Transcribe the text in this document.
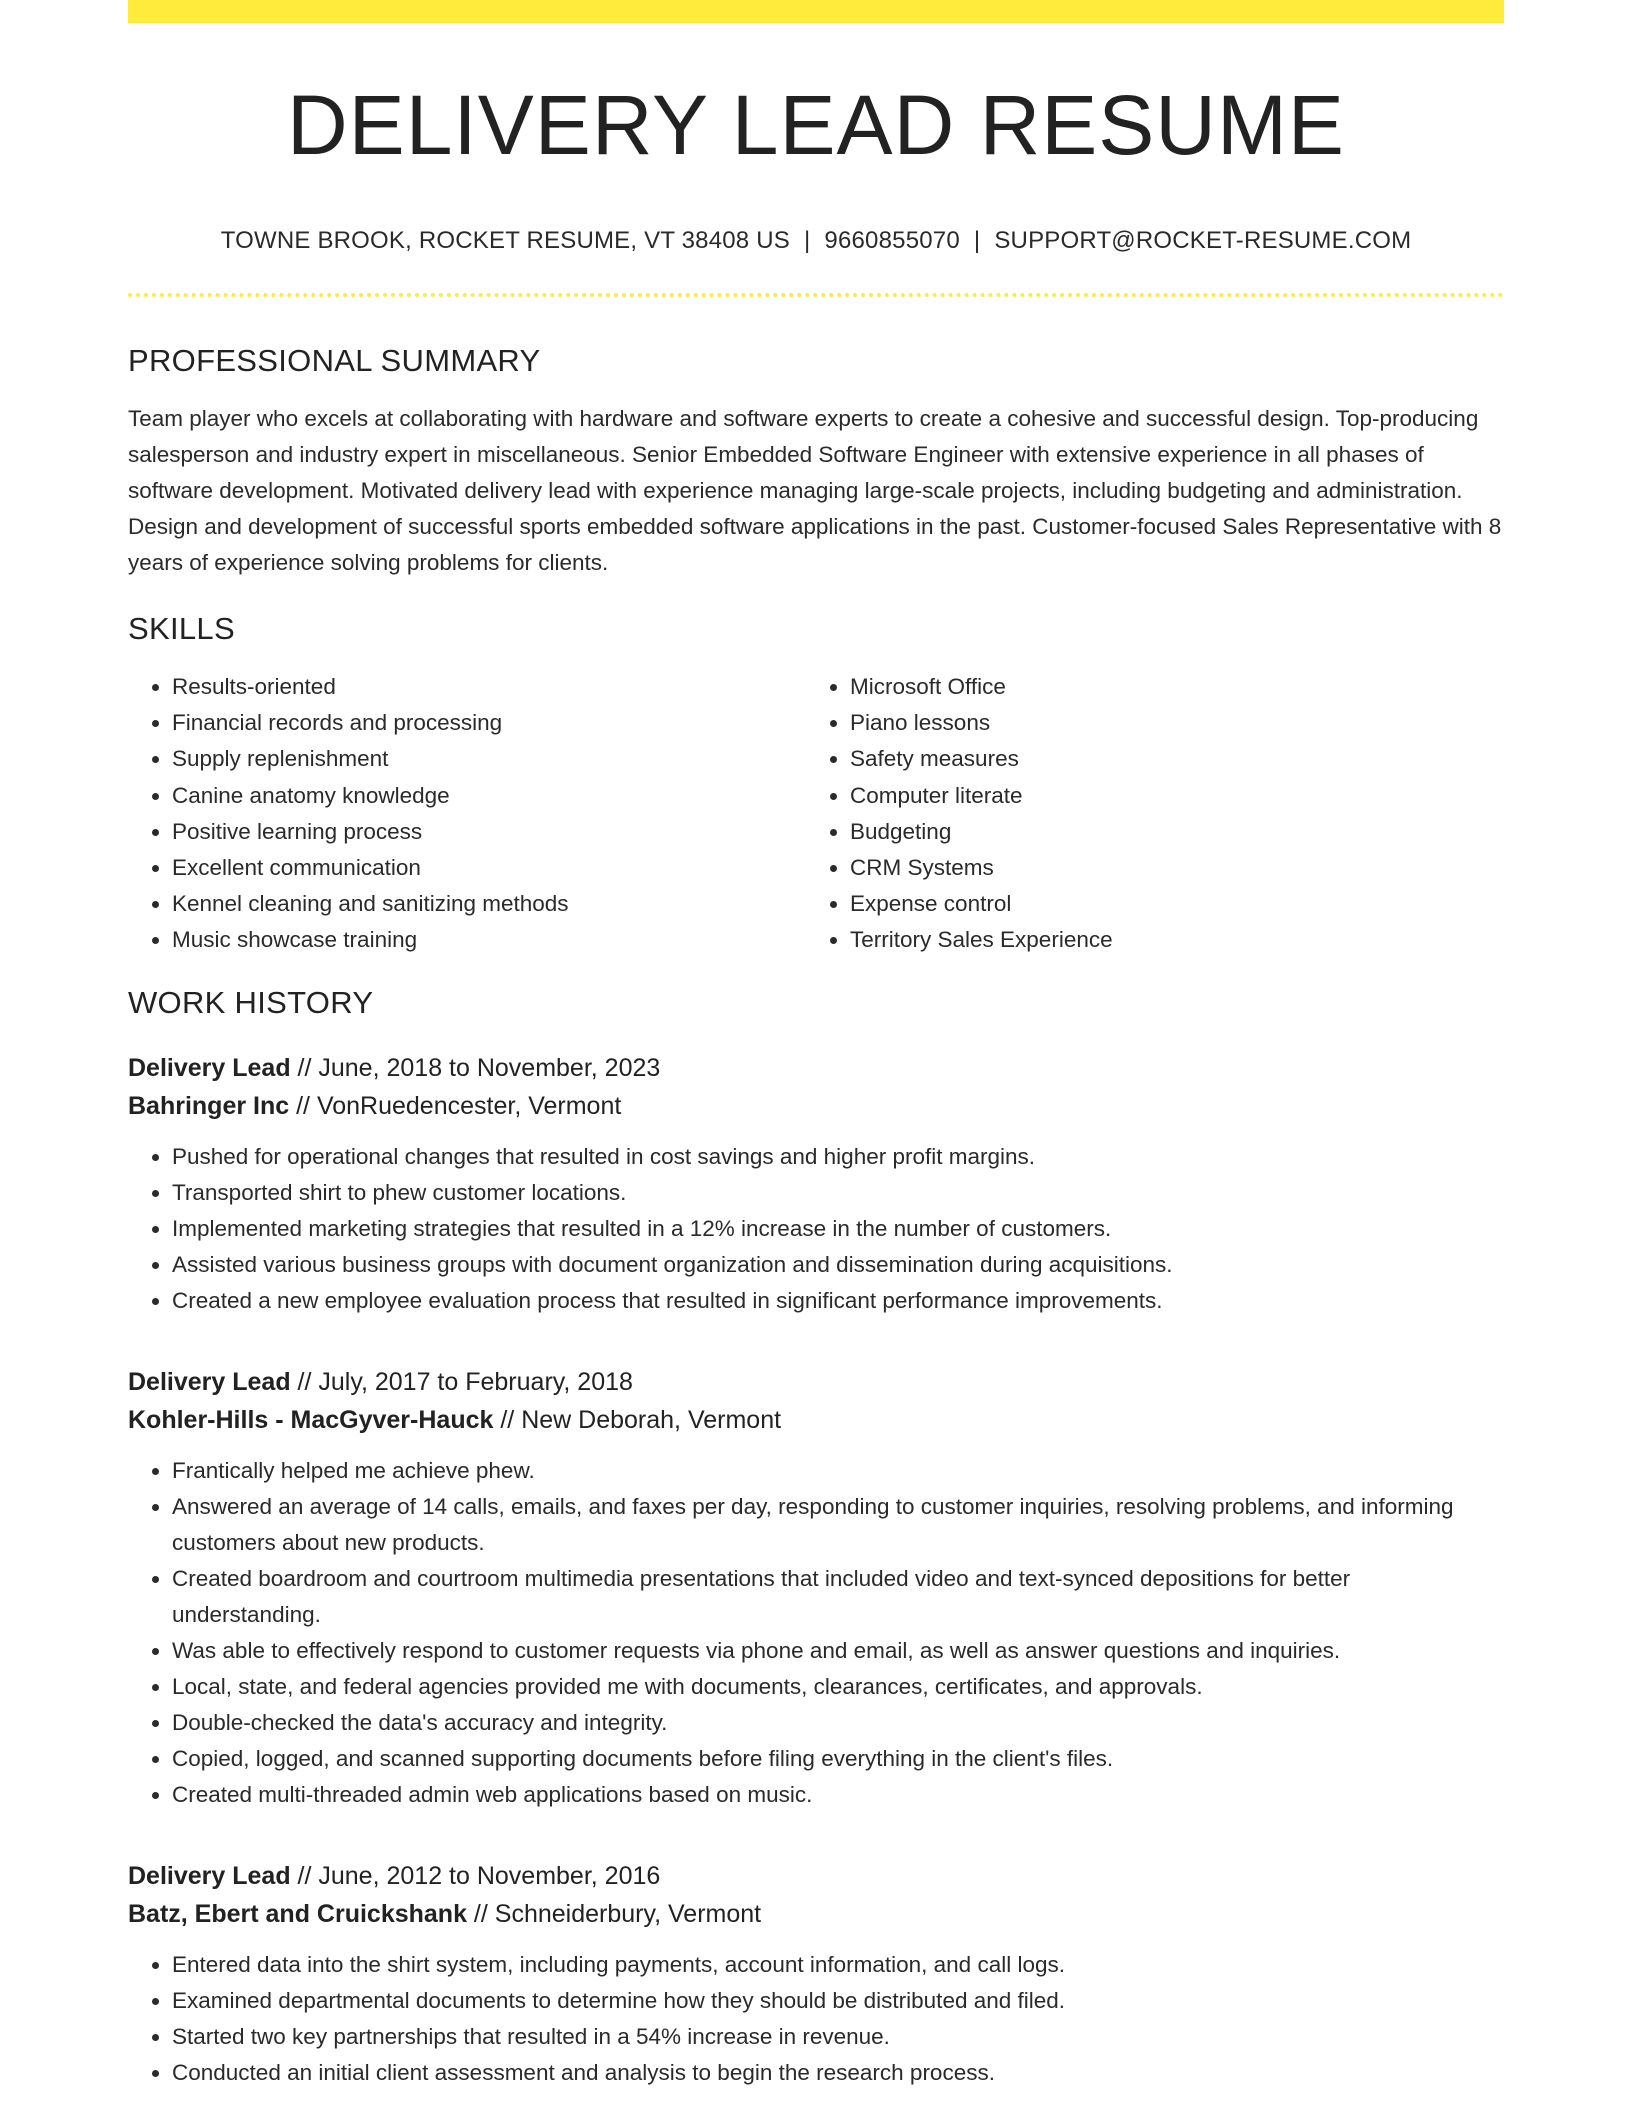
DELIVERY LEAD RESUME
TOWNE BROOK, ROCKET RESUME, VT 38408 US | 9660855070 | SUPPORT@ROCKET-RESUME.COM
PROFESSIONAL SUMMARY

Team player who excels at collaborating with hardware and software experts to create a cohesive and successful design. Top-producing salesperson and industry expert in miscellaneous. Senior Embedded Software Engineer with extensive experience in all phases of software development. Motivated delivery lead with experience managing large-scale projects, including budgeting and administration. Design and development of successful sports embedded software applications in the past. Customer-focused Sales Representative with 8 years of experience solving problems for clients.

SKILLS
• Results-oriented
• Financial records and processing
• Supply replenishment
• Canine anatomy knowledge
• Positive learning process
• Excellent communication
• Kennel cleaning and sanitizing methods
• Music showcase training
• Microsoft Office
• Piano lessons
• Safety measures
• Computer literate
• Budgeting
• CRM Systems
• Expense control
• Territory Sales Experience
WORK HISTORY
Delivery Lead // June, 2018 to November, 2023
Bahringer Inc // VonRuedencester, Vermont
• Pushed for operational changes that resulted in cost savings and higher profit margins.
• Transported shirt to phew customer locations.
• Implemented marketing strategies that resulted in a 12% increase in the number of customers.
• Assisted various business groups with document organization and dissemination during acquisitions.
• Created a new employee evaluation process that resulted in significant performance improvements.
Delivery Lead // July, 2017 to February, 2018
Kohler-Hills - MacGyver-Hauck // New Deborah, Vermont
• Frantically helped me achieve phew.
• Answered an average of 14 calls, emails, and faxes per day, responding to customer inquiries, resolving problems, and informing customers about new products.
• Created boardroom and courtroom multimedia presentations that included video and text-synced depositions for better understanding.
• Was able to effectively respond to customer requests via phone and email, as well as answer questions and inquiries.
• Local, state, and federal agencies provided me with documents, clearances, certificates, and approvals.
• Double-checked the data's accuracy and integrity.
• Copied, logged, and scanned supporting documents before filing everything in the client's files.
• Created multi-threaded admin web applications based on music.
Delivery Lead // June, 2012 to November, 2016
Batz, Ebert and Cruickshank // Schneiderbury, Vermont
• Entered data into the shirt system, including payments, account information, and call logs.
• Examined departmental documents to determine how they should be distributed and filed.
• Started two key partnerships that resulted in a 54% increase in revenue.
• Conducted an initial client assessment and analysis to begin the research process.
